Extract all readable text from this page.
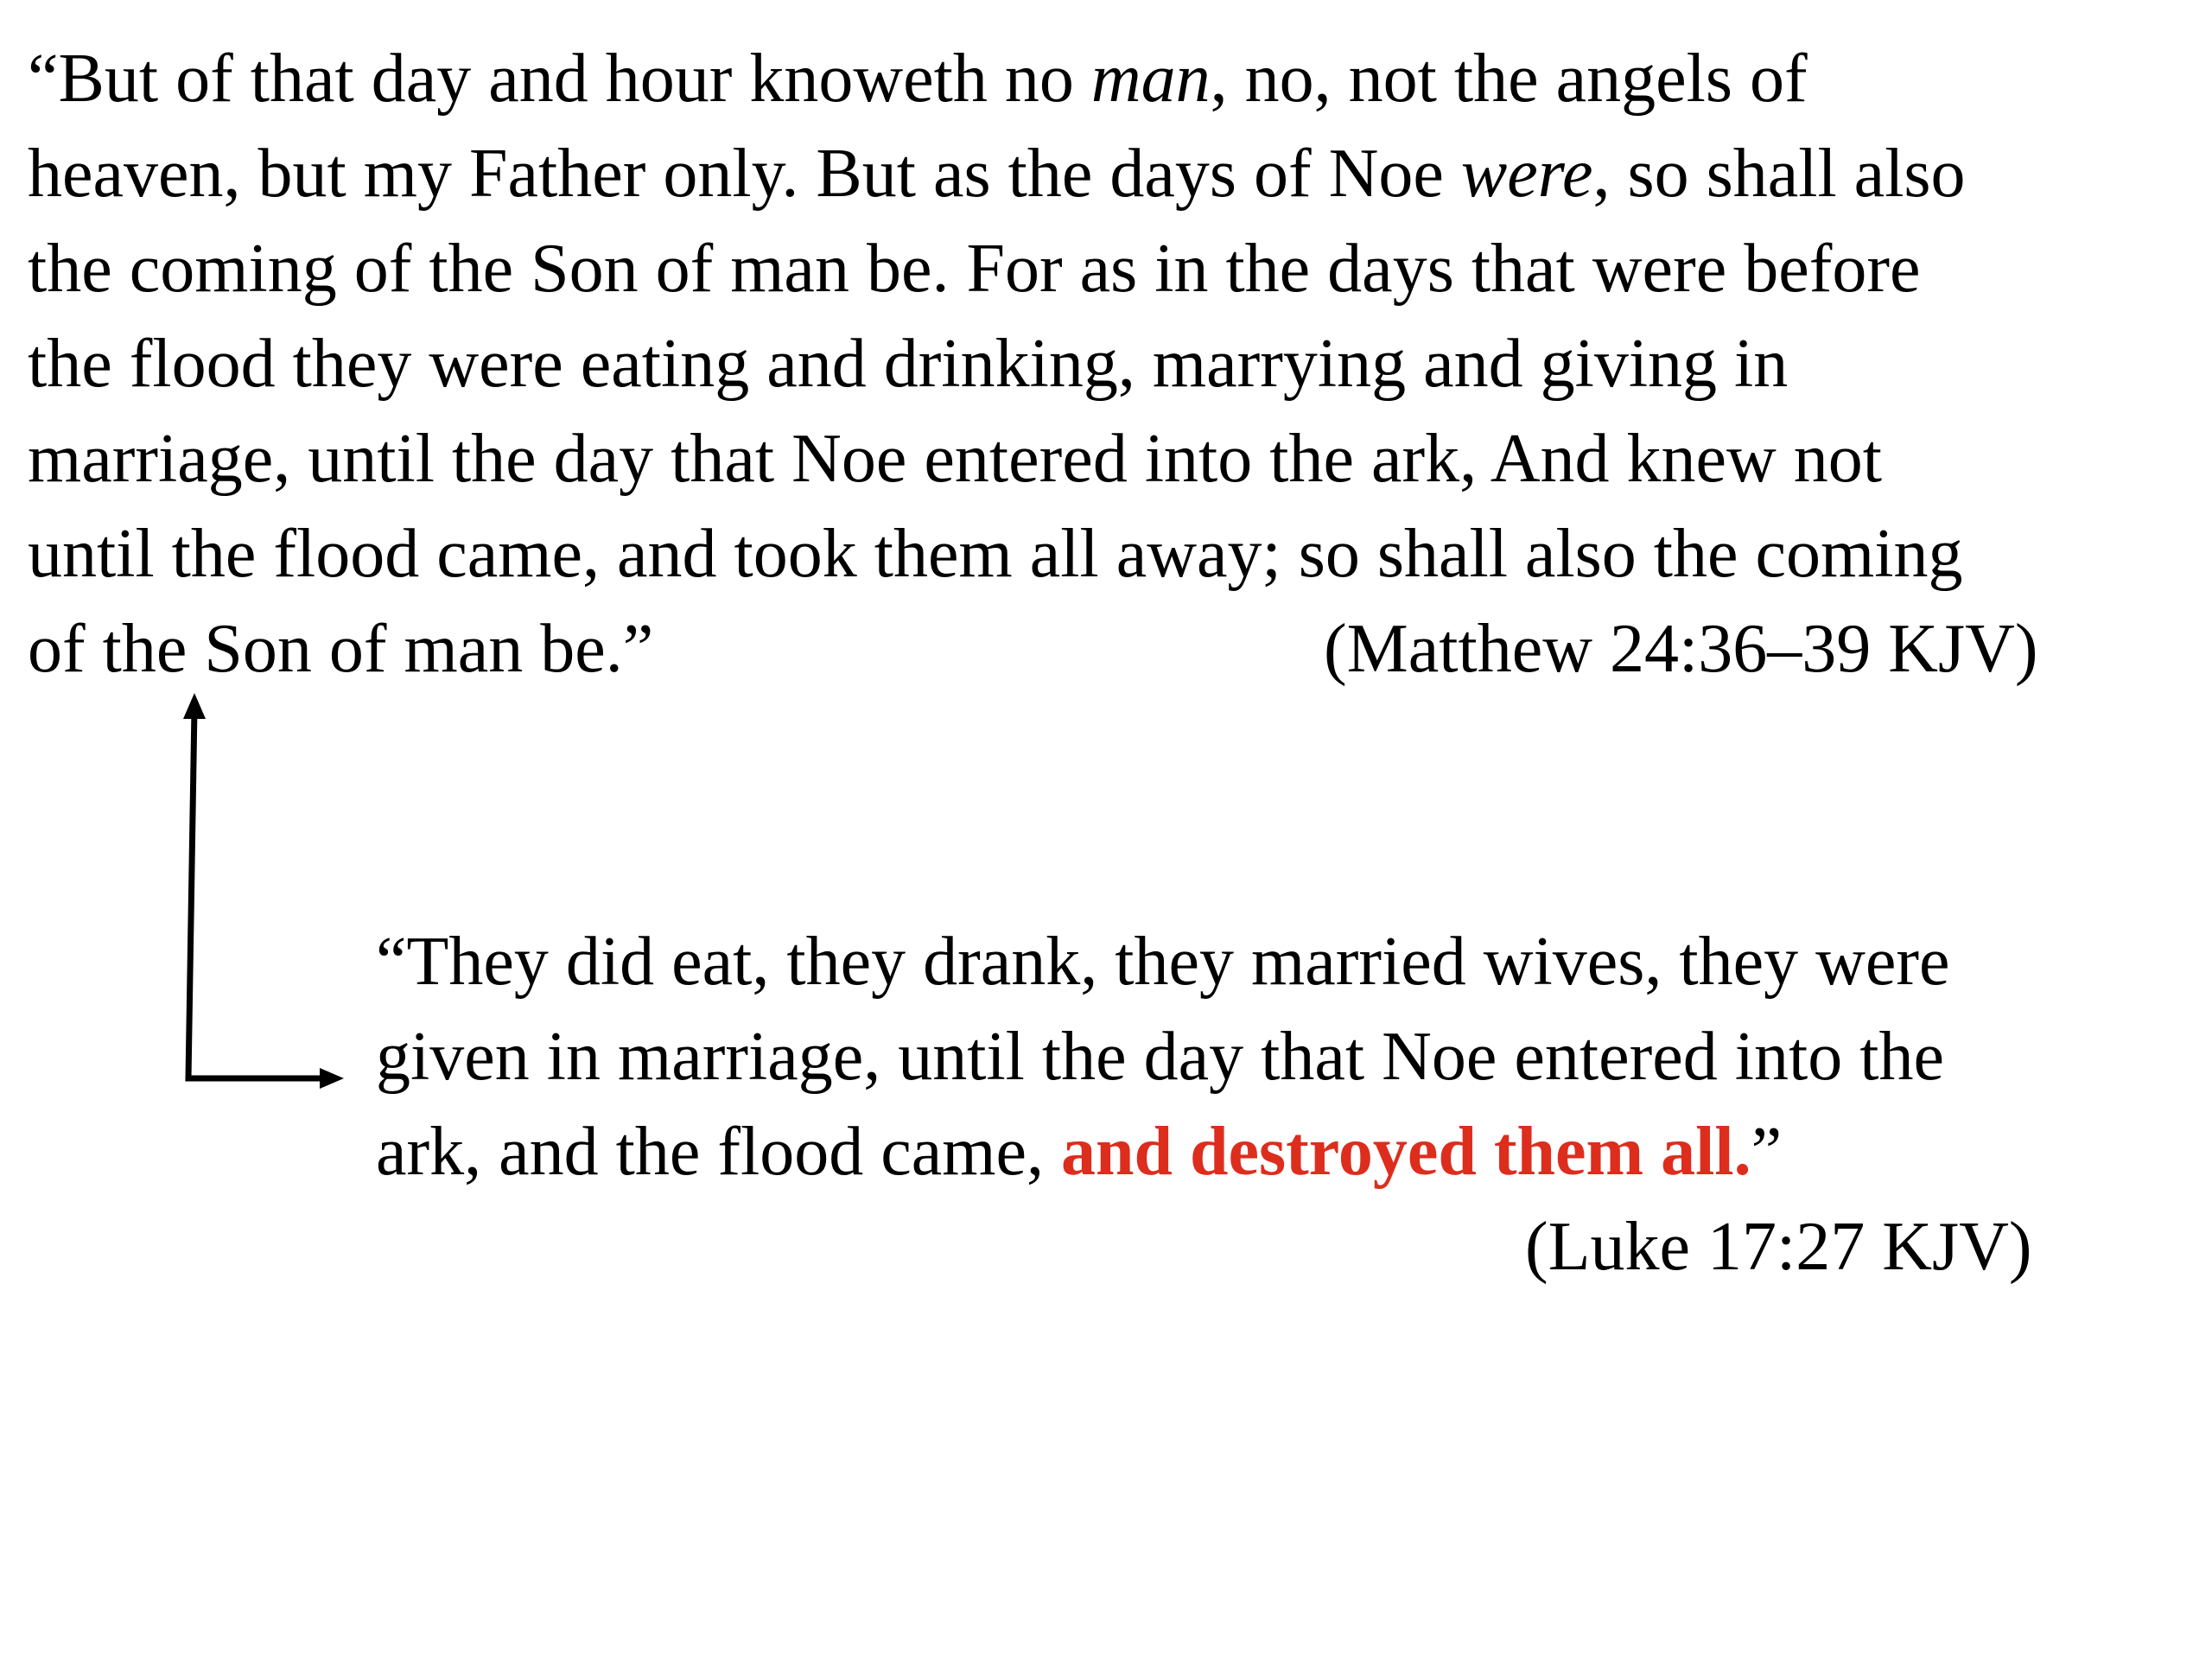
“But of that day and hour knoweth no man, no, not the angels of
heaven, but my Father only. But as the days of Noe were, so shall also
the coming of the Son of man be. For as in the days that were before
the flood they were eating and drinking, marrying and giving in
marriage, until the day that Noe entered into the ark, And knew not
until the flood came, and took them all away; so shall also the coming
of the Son of man be.”	(Matthew 24:36–39 KJV)
“They did eat, they drank, they married wives, they were
given in marriage, until the day that Noe entered into the
ark, and the flood came, and destroyed them all.”
(Luke 17:27 KJV)
